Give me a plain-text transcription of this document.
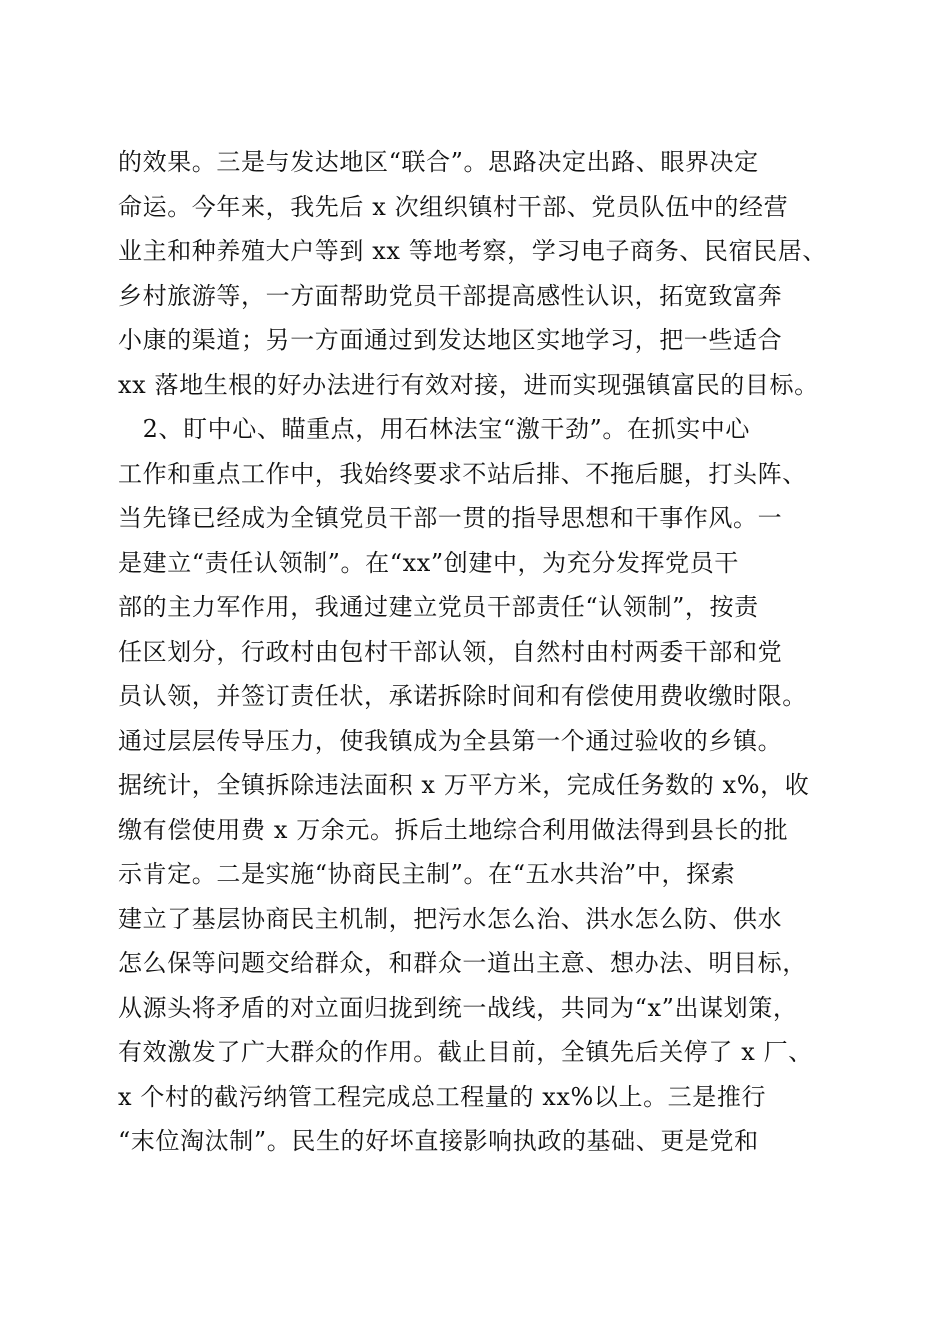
的效果。三是与发达地区“联合”。思路决定出路、眼界决定
命运。今年来，我先后 x 次组织镇村干部、党员队伍中的经营
业主和种养殖大户等到 xx 等地考察，学习电子商务、民宿民居、
乡村旅游等，一方面帮助党员干部提高感性认识，拓宽致富奔
小康的渠道；另一方面通过到发达地区实地学习，把一些适合
xx 落地生根的好办法进行有效对接，进而实现强镇富民的目标。
　2、盯中心、瞄重点，用石林法宝“激干劲”。在抓实中心
工作和重点工作中，我始终要求不站后排、不拖后腿，打头阵、
当先锋已经成为全镇党员干部一贯的指导思想和干事作风。一
是建立“责任认领制”。在“xx”创建中，为充分发挥党员干
部的主力军作用，我通过建立党员干部责任“认领制”，按责
任区划分，行政村由包村干部认领，自然村由村两委干部和党
员认领，并签订责任状，承诺拆除时间和有偿使用费收缴时限。
通过层层传导压力，使我镇成为全县第一个通过验收的乡镇。
据统计，全镇拆除违法面积 x 万平方米，完成任务数的 x%，收
缴有偿使用费 x 万余元。拆后土地综合利用做法得到县长的批
示肯定。二是实施“协商民主制”。在“五水共治”中，探索
建立了基层协商民主机制，把污水怎么治、洪水怎么防、供水
怎么保等问题交给群众，和群众一道出主意、想办法、明目标，
从源头将矛盾的对立面归拢到统一战线，共同为“x”出谋划策，
有效激发了广大群众的作用。截止目前，全镇先后关停了 x 厂、
x 个村的截污纳管工程完成总工程量的 xx%以上。三是推行
“末位淘汰制”。民生的好坏直接影响执政的基础、更是党和
